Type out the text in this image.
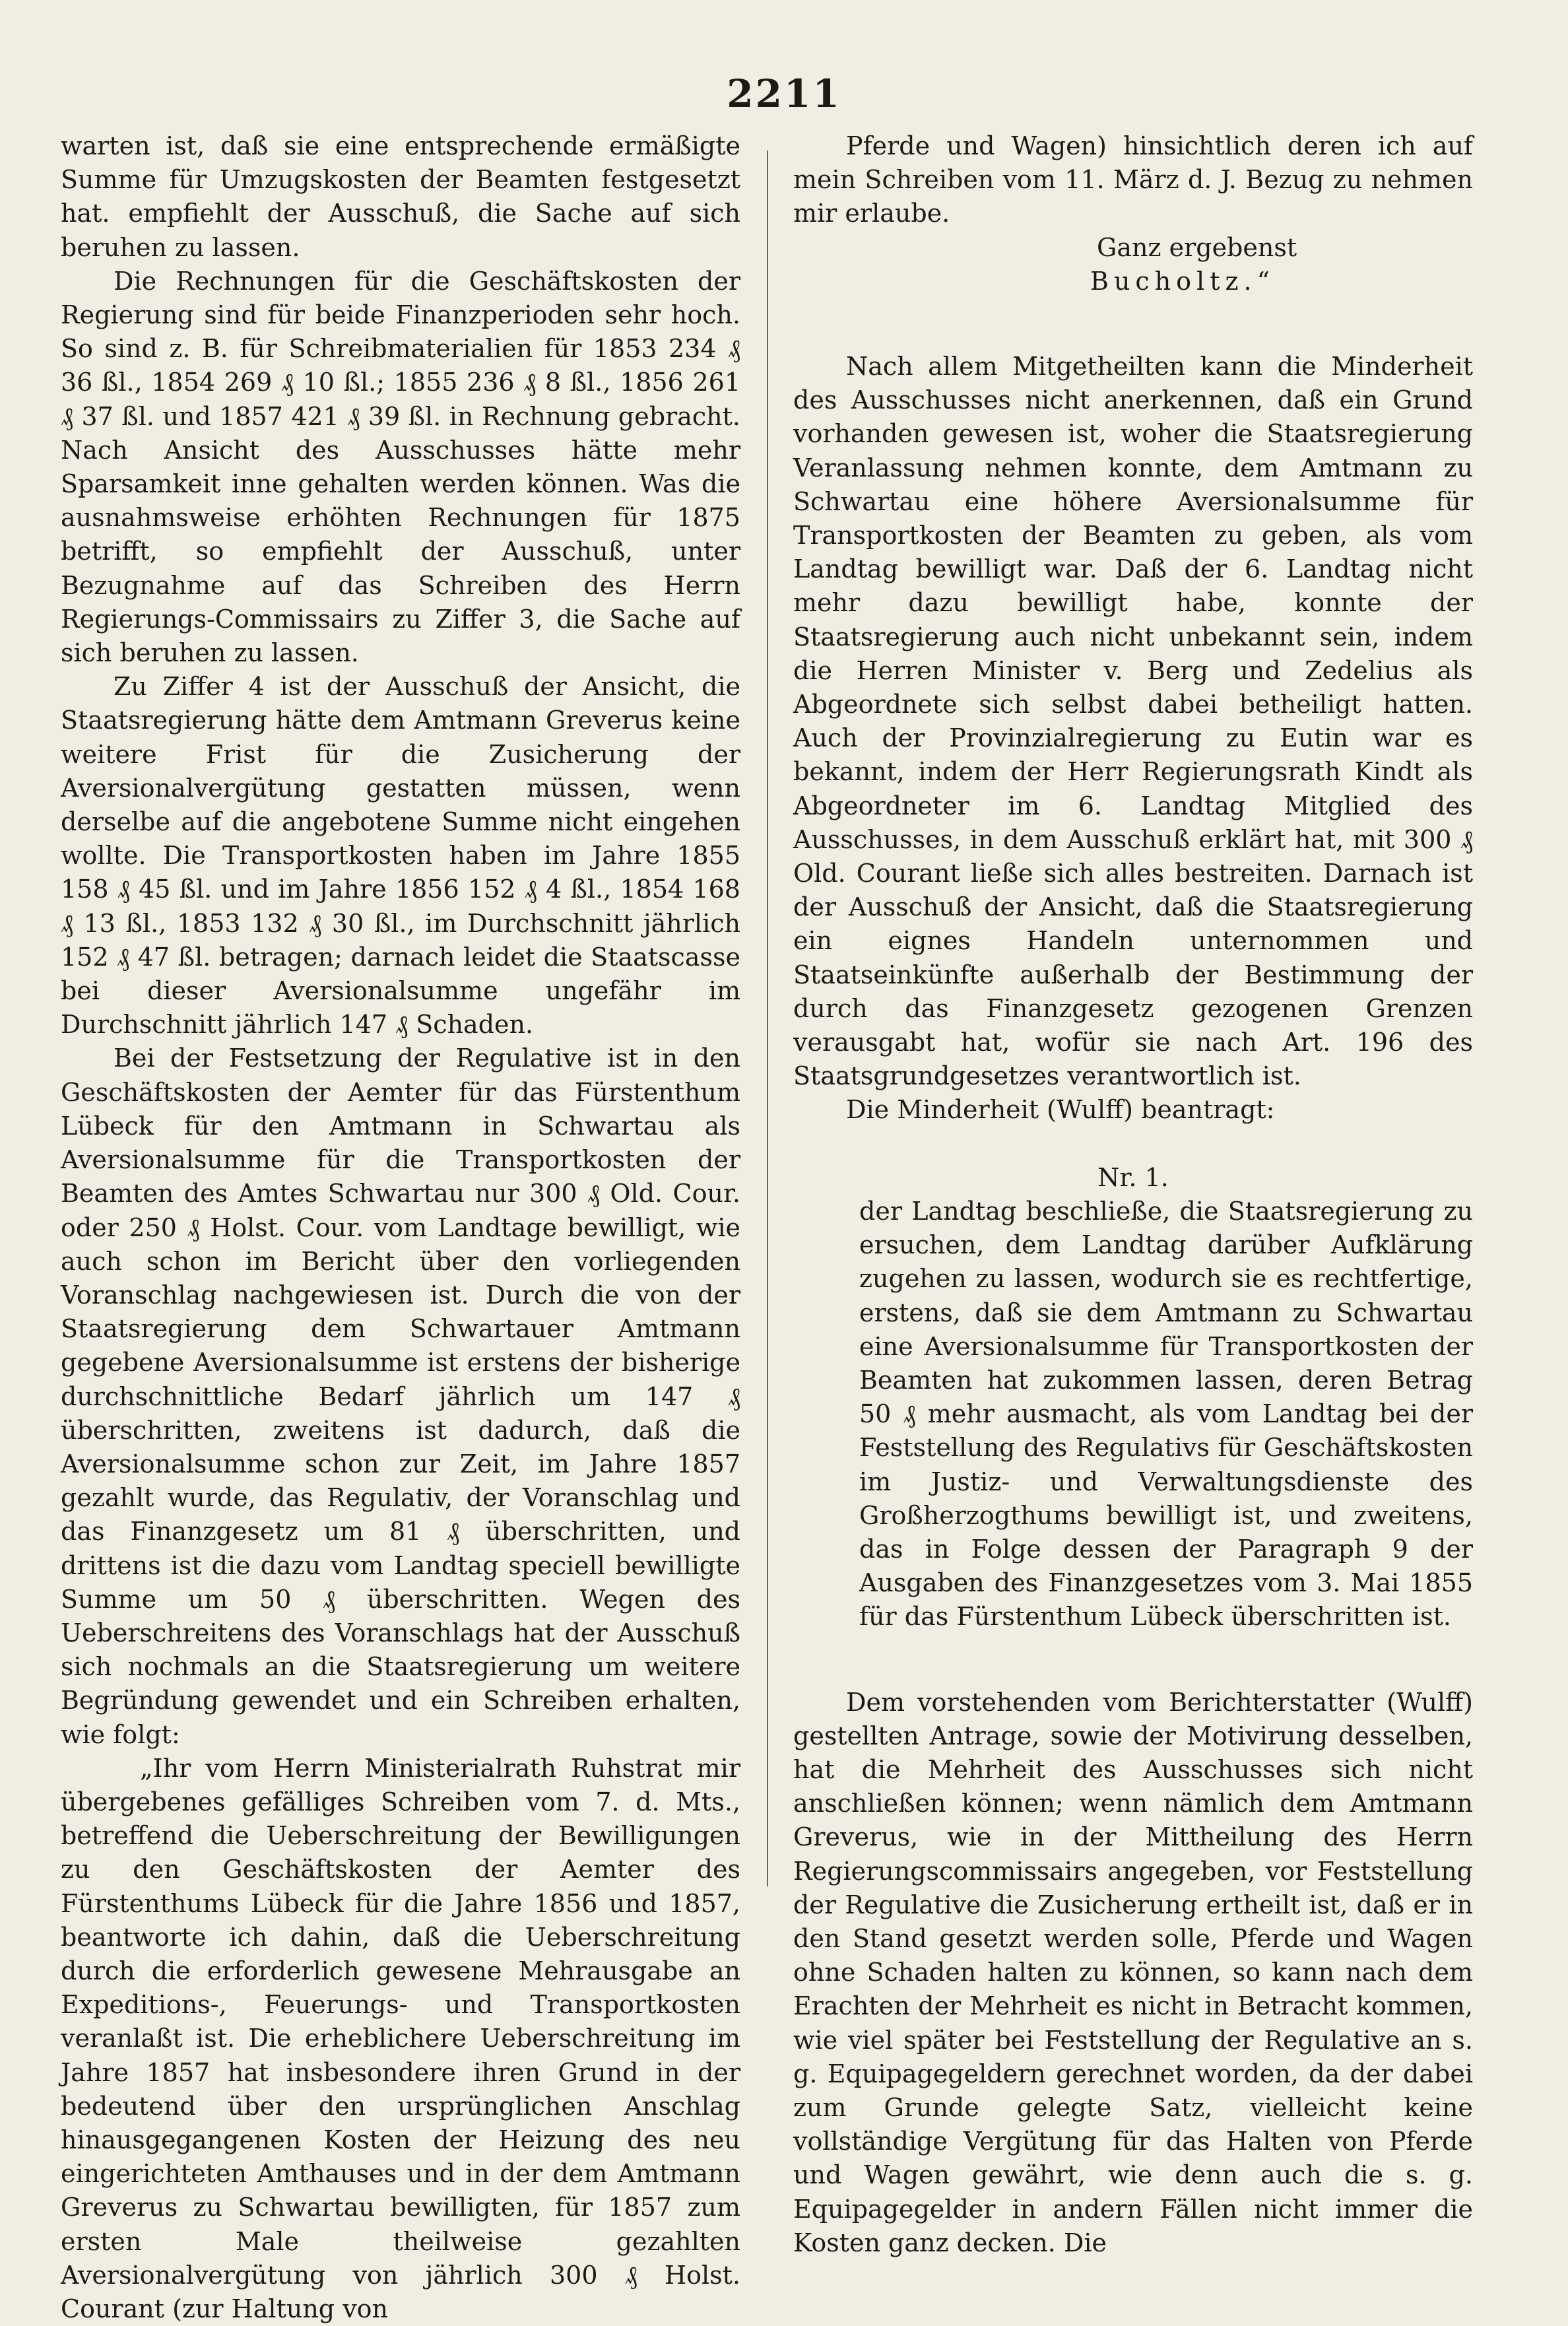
2211

warten ist, daß sie eine entsprechende ermäßigte Summe für Umzugskosten der Beamten festgesetzt hat. empfiehlt der Ausschuß, die Sache auf sich beruhen zu lassen.

Die Rechnungen für die Geschäftskosten der Regierung sind für beide Finanzperioden sehr hoch. So sind z. B. für Schreibmaterialien für 1853 234 ₰ 36 ßl., 1854 269 ₰ 10 ßl.; 1855 236 ₰ 8 ßl., 1856 261 ₰ 37 ßl. und 1857 421 ₰ 39 ßl. in Rechnung gebracht. Nach Ansicht des Ausschusses hätte mehr Sparsamkeit inne gehalten werden können. Was die ausnahmsweise erhöhten Rechnungen für 1875 betrifft, so empfiehlt der Ausschuß, unter Bezugnahme auf das Schreiben des Herrn Regierungs-Commissairs zu Ziffer 3, die Sache auf sich beruhen zu lassen.

Zu Ziffer 4 ist der Ausschuß der Ansicht, die Staatsregierung hätte dem Amtmann Greverus keine weitere Frist für die Zusicherung der Aversionalvergütung gestatten müssen, wenn derselbe auf die angebotene Summe nicht eingehen wollte. Die Transportkosten haben im Jahre 1855 158 ₰ 45 ßl. und im Jahre 1856 152 ₰ 4 ßl., 1854 168 ₰ 13 ßl., 1853 132 ₰ 30 ßl., im Durchschnitt jährlich 152 ₰ 47 ßl. betragen; darnach leidet die Staatscasse bei dieser Aversionalsumme ungefähr im Durchschnitt jährlich 147 ₰ Schaden.

Bei der Festsetzung der Regulative ist in den Geschäftskosten der Aemter für das Fürstenthum Lübeck für den Amtmann in Schwartau als Aversionalsumme für die Transportkosten der Beamten des Amtes Schwartau nur 300 ₰ Old. Cour. oder 250 ₰ Holst. Cour. vom Landtage bewilligt, wie auch schon im Bericht über den vorliegenden Voranschlag nachgewiesen ist. Durch die von der Staatsregierung dem Schwartauer Amtmann gegebene Aversionalsumme ist erstens der bisherige durchschnittliche Bedarf jährlich um 147 ₰ überschritten, zweitens ist dadurch, daß die Aversionalsumme schon zur Zeit, im Jahre 1857 gezahlt wurde, das Regulativ, der Voranschlag und das Finanzgesetz um 81 ₰ überschritten, und drittens ist die dazu vom Landtag speciell bewilligte Summe um 50 ₰ überschritten. Wegen des Ueberschreitens des Voranschlags hat der Ausschuß sich nochmals an die Staatsregierung um weitere Begründung gewendet und ein Schreiben erhalten, wie folgt:

„Ihr vom Herrn Ministerialrath Ruhstrat mir übergebenes gefälliges Schreiben vom 7. d. Mts., betreffend die Ueberschreitung der Bewilligungen zu den Geschäftskosten der Aemter des Fürstenthums Lübeck für die Jahre 1856 und 1857, beantworte ich dahin, daß die Ueberschreitung durch die erforderlich gewesene Mehrausgabe an Expeditions-, Feuerungs- und Transportkosten veranlaßt ist. Die erheblichere Ueberschreitung im Jahre 1857 hat insbesondere ihren Grund in der bedeutend über den ursprünglichen Anschlag hinausgegangenen Kosten der Heizung des neu eingerichteten Amthauses und in der dem Amtmann Greverus zu Schwartau bewilligten, für 1857 zum ersten Male theilweise gezahlten Aversionalvergütung von jährlich 300 ₰ Holst. Courant (zur Haltung von

Pferde und Wagen) hinsichtlich deren ich auf mein Schreiben vom 11. März d. J. Bezug zu nehmen mir erlaube.

Ganz ergebenst

Bucholtz.“

Nach allem Mitgetheilten kann die Minderheit des Ausschusses nicht anerkennen, daß ein Grund vorhanden gewesen ist, woher die Staatsregierung Veranlassung nehmen konnte, dem Amtmann zu Schwartau eine höhere Aversionalsumme für Transportkosten der Beamten zu geben, als vom Landtag bewilligt war. Daß der 6. Landtag nicht mehr dazu bewilligt habe, konnte der Staatsregierung auch nicht unbekannt sein, indem die Herren Minister v. Berg und Zedelius als Abgeordnete sich selbst dabei betheiligt hatten. Auch der Provinzialregierung zu Eutin war es bekannt, indem der Herr Regierungsrath Kindt als Abgeordneter im 6. Landtag Mitglied des Ausschusses, in dem Ausschuß erklärt hat, mit 300 ₰ Old. Courant ließe sich alles bestreiten. Darnach ist der Ausschuß der Ansicht, daß die Staatsregierung ein eignes Handeln unternommen und Staatseinkünfte außerhalb der Bestimmung der durch das Finanzgesetz gezogenen Grenzen verausgabt hat, wofür sie nach Art. 196 des Staatsgrundgesetzes verantwortlich ist.

Die Minderheit (Wulff) beantragt:

Nr. 1.

der Landtag beschließe, die Staatsregierung zu ersuchen, dem Landtag darüber Aufklärung zugehen zu lassen, wodurch sie es rechtfertige, erstens, daß sie dem Amtmann zu Schwartau eine Aversionalsumme für Transportkosten der Beamten hat zukommen lassen, deren Betrag 50 ₰ mehr ausmacht, als vom Landtag bei der Feststellung des Regulativs für Geschäftskosten im Justiz- und Verwaltungsdienste des Großherzogthums bewilligt ist, und zweitens, das in Folge dessen der Paragraph 9 der Ausgaben des Finanzgesetzes vom 3. Mai 1855 für das Fürstenthum Lübeck überschritten ist.

Dem vorstehenden vom Berichterstatter (Wulff) gestellten Antrage, sowie der Motivirung desselben, hat die Mehrheit des Ausschusses sich nicht anschließen können; wenn nämlich dem Amtmann Greverus, wie in der Mittheilung des Herrn Regierungscommissairs angegeben, vor Feststellung der Regulative die Zusicherung ertheilt ist, daß er in den Stand gesetzt werden solle, Pferde und Wagen ohne Schaden halten zu können, so kann nach dem Erachten der Mehrheit es nicht in Betracht kommen, wie viel später bei Feststellung der Regulative an s. g. Equipagegeldern gerechnet worden, da der dabei zum Grunde gelegte Satz, vielleicht keine vollständige Vergütung für das Halten von Pferde und Wagen gewährt, wie denn auch die s. g. Equipagegelder in andern Fällen nicht immer die Kosten ganz decken. Die
